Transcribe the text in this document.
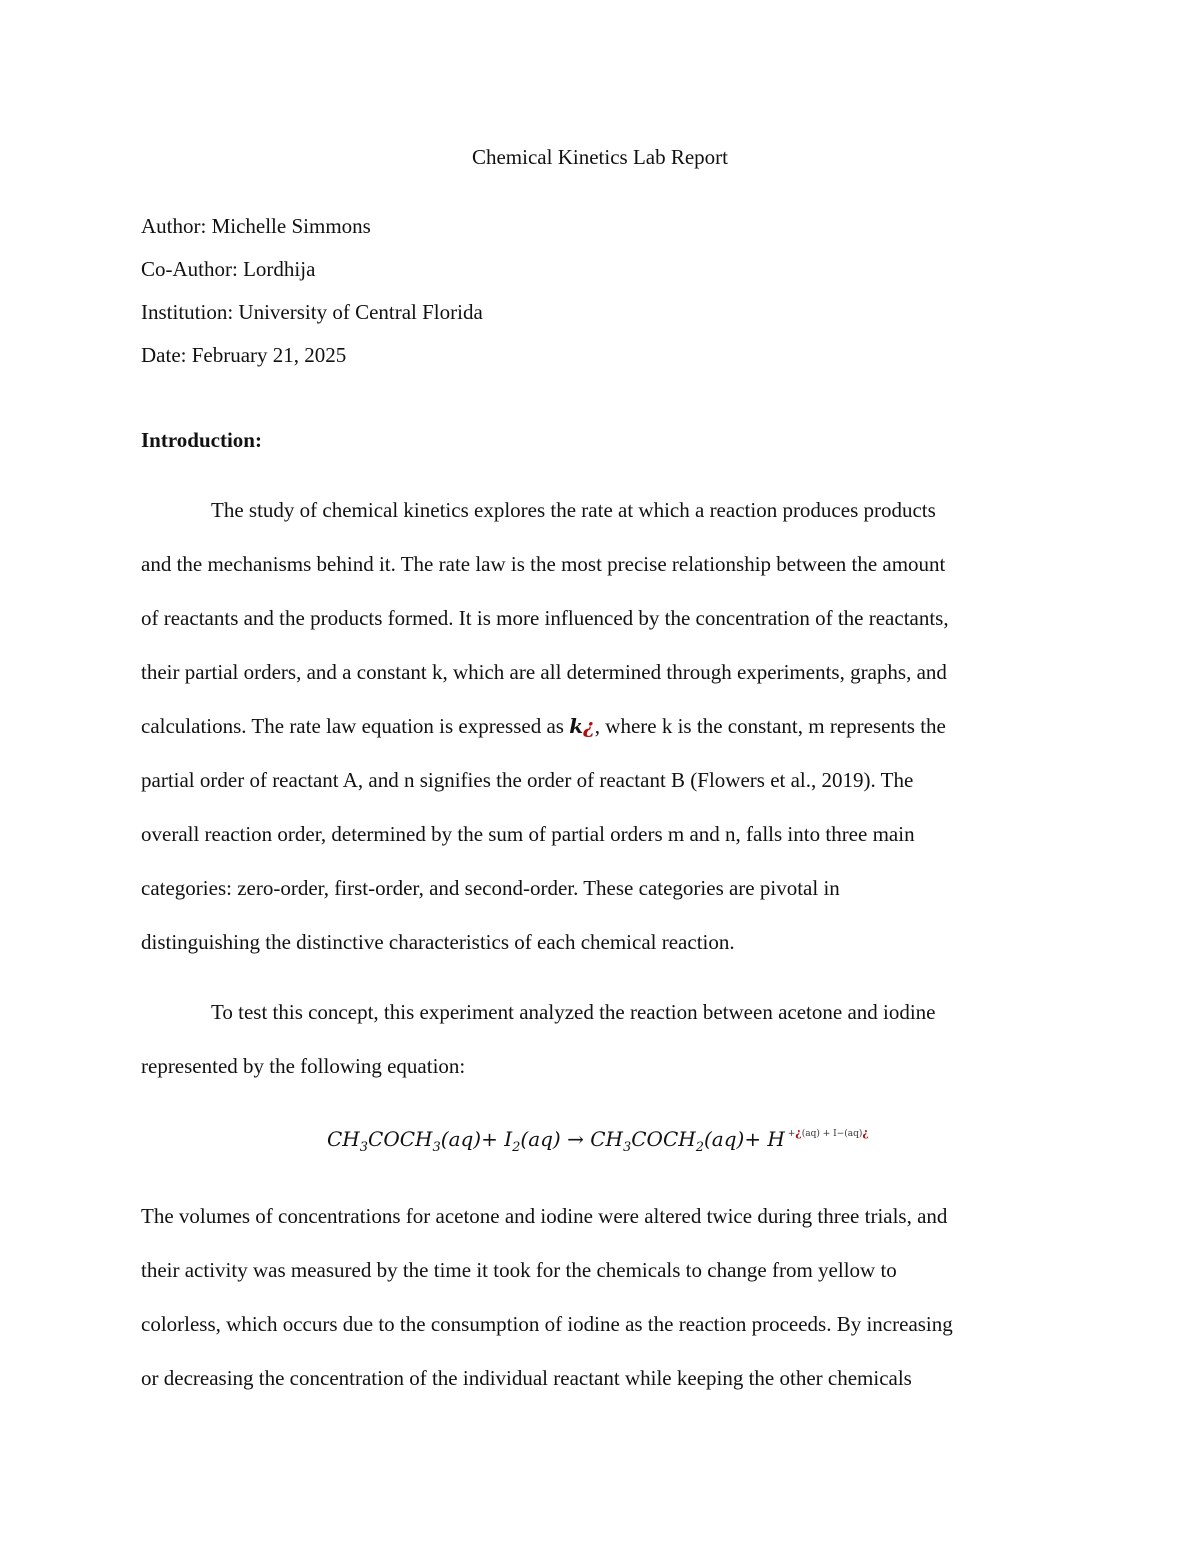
Chemical Kinetics Lab Report
Author: Michelle Simmons
Co-Author: Lordhija
Institution: University of Central Florida
Date: February 21, 2025
Introduction:
The study of chemical kinetics explores the rate at which a reaction produces products
and the mechanisms behind it. The rate law is the most precise relationship between the amount
of reactants and the products formed. It is more influenced by the concentration of the reactants,
their partial orders, and a constant k, which are all determined through experiments, graphs, and
calculations. The rate law equation is expressed as k¿, where k is the constant, m represents the
partial order of reactant A, and n signifies the order of reactant B (Flowers et al., 2019). The
overall reaction order, determined by the sum of partial orders m and n, falls into three main
categories: zero-order, first-order, and second-order. These categories are pivotal in
distinguishing the distinctive characteristics of each chemical reaction.
To test this concept, this experiment analyzed the reaction between acetone and iodine
represented by the following equation:
$CH_3COCH_3(aq)+ I_2(aq)$ → $CH_3COCH_2(aq)+ H$ $^{+¿(aq) + I-(aq)¿}$
The volumes of concentrations for acetone and iodine were altered twice during three trials, and
their activity was measured by the time it took for the chemicals to change from yellow to
colorless, which occurs due to the consumption of iodine as the reaction proceeds. By increasing
or decreasing the concentration of the individual reactant while keeping the other chemicals
